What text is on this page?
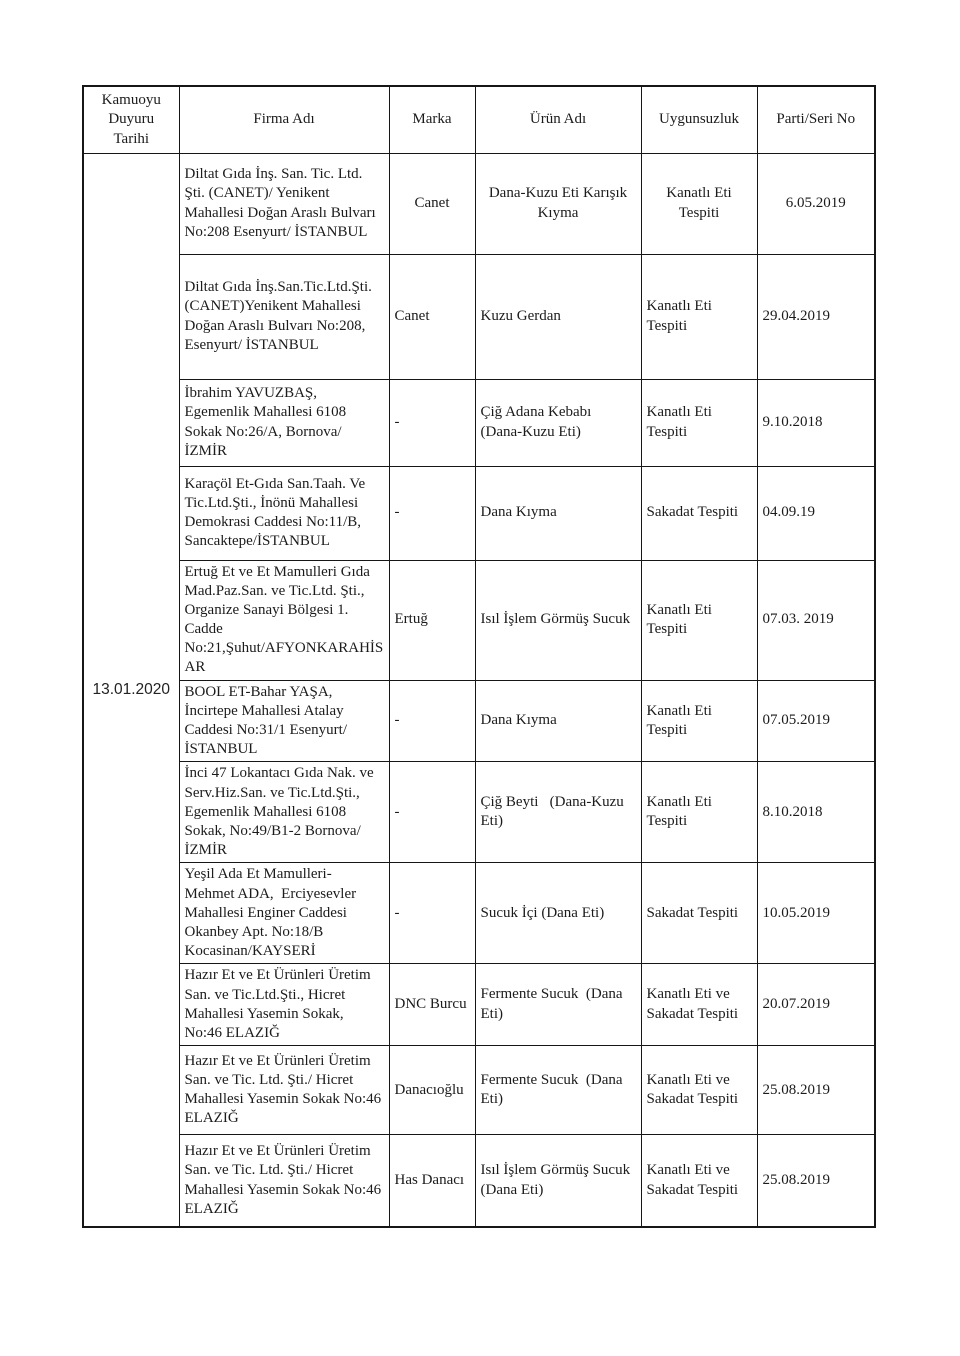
Kamuoyu Duyuru Tarihi	Firma Adı	Marka	Ürün Adı	Uygunsuzluk	Parti/Seri No
13.01.2020	Diltat Gıda İnş. San. Tic. Ltd. Şti. (CANET)/ Yenikent Mahallesi Doğan Araslı Bulvarı No:208 Esenyurt/ İSTANBUL	Canet	Dana-Kuzu Eti Karışık Kıyma	Kanatlı Eti Tespiti	6.05.2019
	Diltat Gıda İnş.San.Tic.Ltd.Şti. (CANET)Yenikent Mahallesi Doğan Araslı Bulvarı No:208, Esenyurt/ İSTANBUL	Canet	Kuzu Gerdan	Kanatlı Eti Tespiti	29.04.2019
	İbrahim YAVUZBAŞ, Egemenlik Mahallesi 6108 Sokak No:26/A, Bornova/İZMİR	-	Çiğ Adana Kebabı (Dana-Kuzu Eti)	Kanatlı Eti Tespiti	9.10.2018
	Karaçöl Et-Gıda San.Taah. Ve Tic.Ltd.Şti., İnönü Mahallesi Demokrasi Caddesi No:11/B, Sancaktepe/İSTANBUL	-	Dana Kıyma	Sakadat Tespiti	04.09.19
	Ertuğ Et ve Et Mamulleri Gıda Mad.Paz.San. ve Tic.Ltd. Şti., Organize Sanayi Bölgesi 1. Cadde No:21,Şuhut/AFYONKARAHİSAR	Ertuğ	Isıl İşlem Görmüş Sucuk	Kanatlı Eti Tespiti	07.03. 2019
	BOOL ET-Bahar YAŞA, İncirtepe Mahallesi Atalay Caddesi No:31/1 Esenyurt/İSTANBUL	-	Dana Kıyma	Kanatlı Eti Tespiti	07.05.2019
	İnci 47 Lokantacı Gıda Nak. ve Serv.Hiz.San. ve Tic.Ltd.Şti., Egemenlik Mahallesi 6108 Sokak, No:49/B1-2 Bornova/İZMİR	-	Çiğ Beyti   (Dana-Kuzu Eti)	Kanatlı Eti Tespiti	8.10.2018
	Yeşil Ada Et Mamulleri- Mehmet ADA,  Erciyesevler Mahallesi Enginer Caddesi Okanbey Apt. No:18/B Kocasinan/KAYSERİ	-	Sucuk İçi (Dana Eti)	Sakadat Tespiti	10.05.2019
	Hazır Et ve Et Ürünleri Üretim San. ve Tic.Ltd.Şti., Hicret Mahallesi Yasemin Sokak, No:46 ELAZIĞ	DNC Burcu	Fermente Sucuk  (Dana Eti)	Kanatlı Eti ve Sakadat Tespiti	20.07.2019
	Hazır Et ve Et Ürünleri Üretim San. ve Tic. Ltd. Şti./ Hicret Mahallesi Yasemin Sokak No:46 ELAZIĞ	Danacıoğlu	Fermente Sucuk  (Dana Eti)	Kanatlı Eti ve Sakadat Tespiti	25.08.2019
	Hazır Et ve Et Ürünleri Üretim San. ve Tic. Ltd. Şti./ Hicret Mahallesi Yasemin Sokak No:46 ELAZIĞ	Has Danacı	Isıl İşlem Görmüş Sucuk (Dana Eti)	Kanatlı Eti ve Sakadat Tespiti	25.08.2019
